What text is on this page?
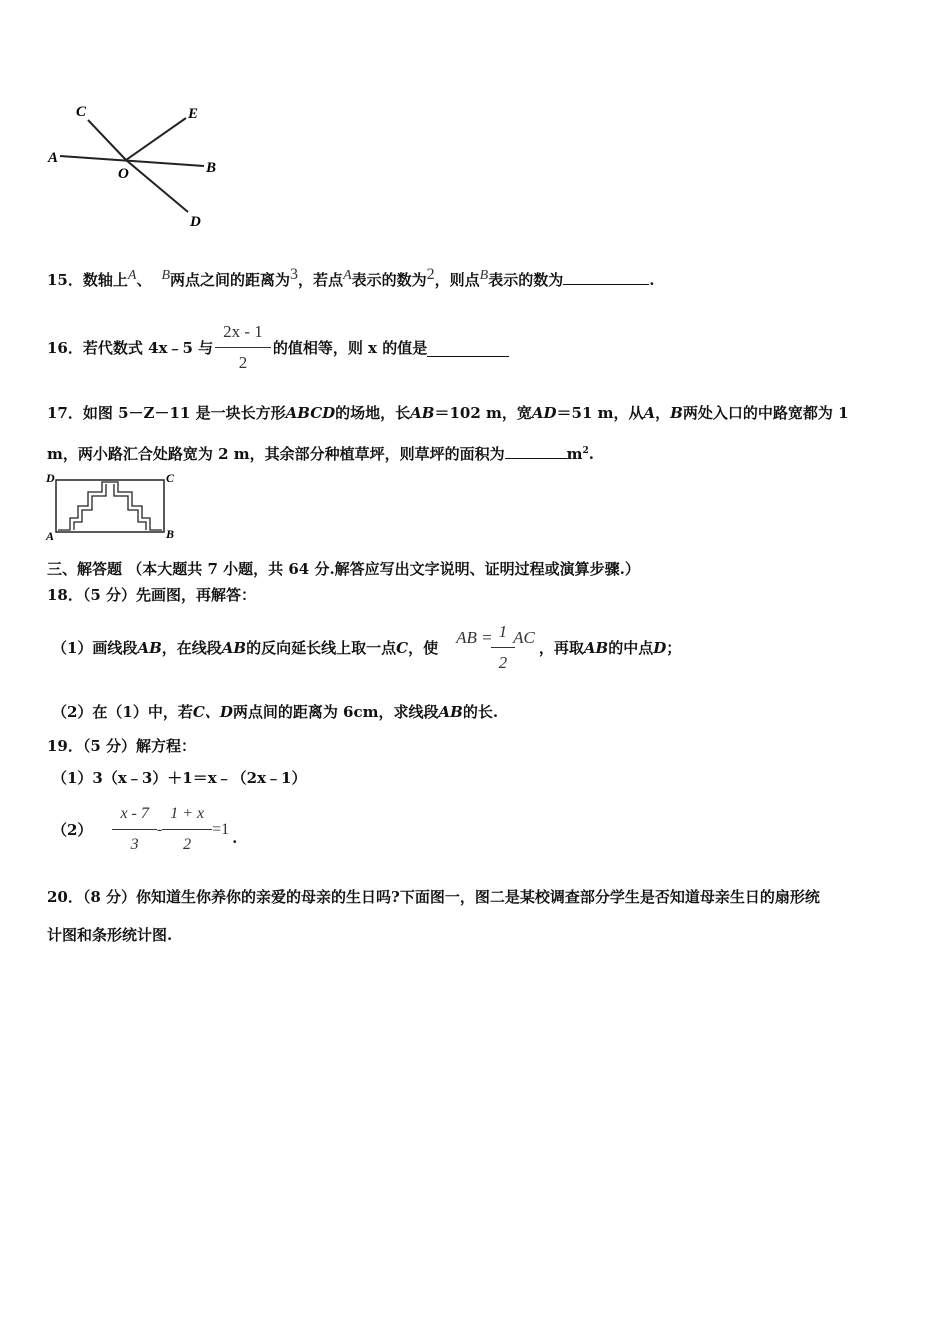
A
C	E
B
O
D
15．数轴上$^A$、 $^B$两点之间的距离为$^3$，若点$^A$表示的数为$^2$，则点$^B$表示的数为	.
16． 若代数式 4x﹣5 与 $\frac{2x - 1}{2}$ 的值相等，则 x 的值是
17．如图 5－Z－11 是一块长方形ABCD的场地，长AB＝102 m，宽AD＝51 m，从A，B两处入口的中路宽都为 1
m，两小路汇合处路宽为 2 m，其余部分种植草坪，则草坪的面积为	$m^2$.
D	C
A	B
三、解答题 （本大题共 7 小题，共 64 分.解答应写出文字说明、证明过程或演算步骤.）
18．（5 分）先画图，再解答：
（1）画线段 AB ，在线段 AB 的反向延长线上取一点 C ，使
AB = $\frac{1}{2}$ AC
，再取 AB 的中点 D ；
（2）在（1）中，若C、D两点间的距离为 6cm，求线段AB的长.
19．（5 分）解方程：
（1）3（x﹣3）＋1＝x﹣（2x﹣1）
$(2) \frac{x - 7}{3} - \frac{1 + x}{2} =1$ .
20．（8 分）你知道生你养你的亲爱的母亲的生日吗?下面图一，图二是某校调查部分学生是否知道母亲生日的扇形统
计图和条形统计图.
